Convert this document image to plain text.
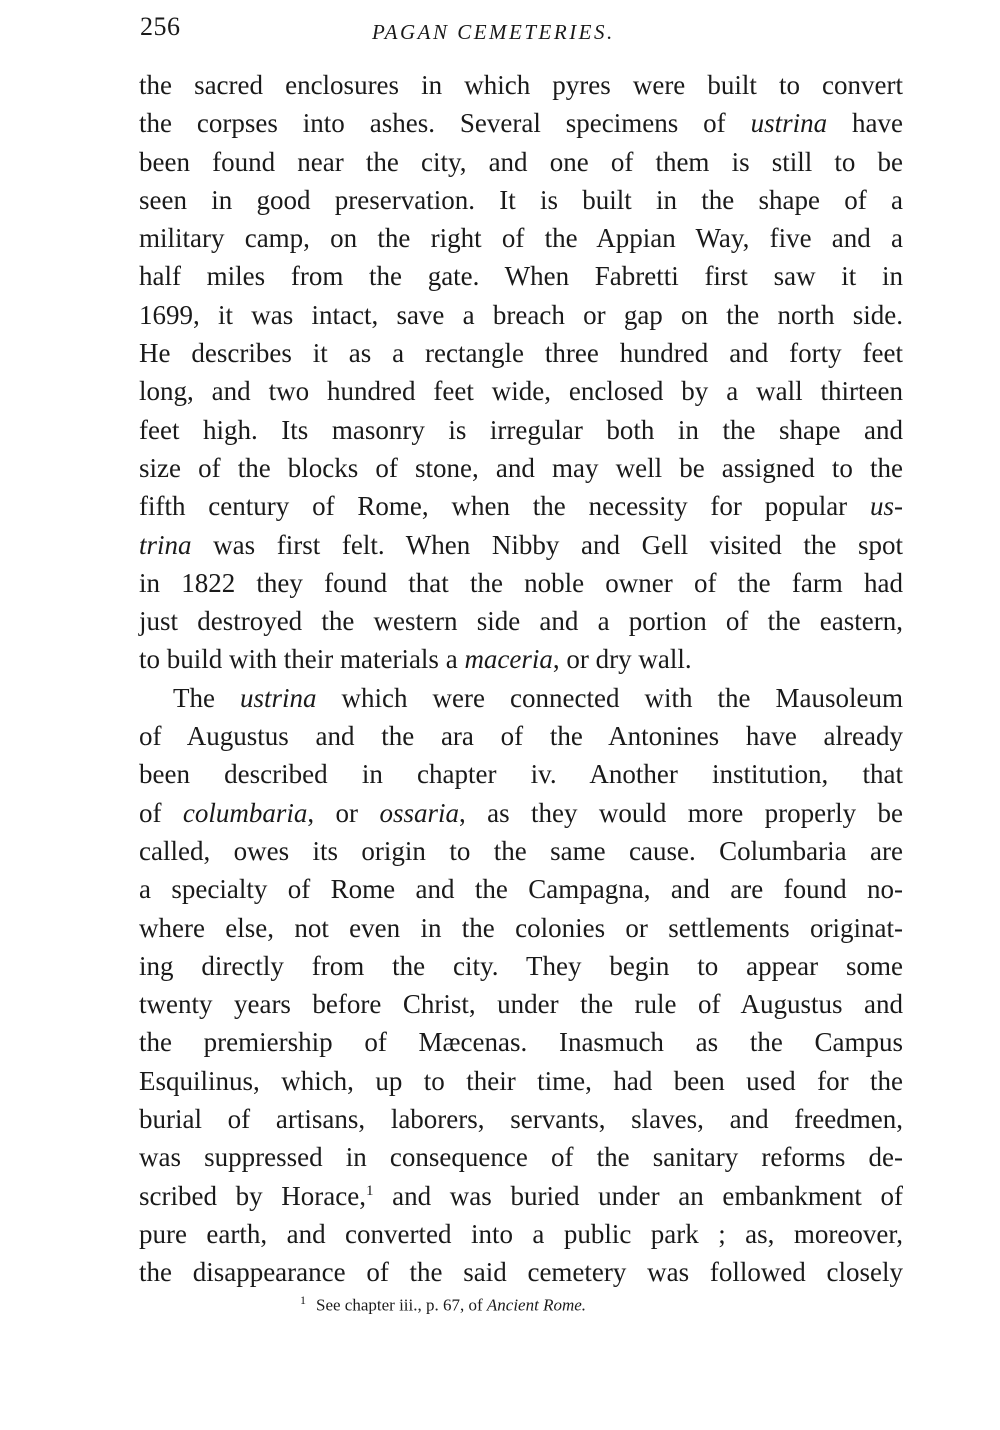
256	PAGAN CEMETERIES.
the sacred enclosures in which pyres were built to convert
the corpses into ashes. Several specimens of ustrina have
been found near the city, and one of them is still to be
seen in good preservation. It is built in the shape of a
military camp, on the right of the Appian Way, five and a
half miles from the gate. When Fabretti first saw it in
1699, it was intact, save a breach or gap on the north side.
He describes it as a rectangle three hundred and forty feet
long, and two hundred feet wide, enclosed by a wall thirteen
feet high. Its masonry is irregular both in the shape and
size of the blocks of stone, and may well be assigned to the
fifth century of Rome, when the necessity for popular us-
trina was first felt. When Nibby and Gell visited the spot
in 1822 they found that the noble owner of the farm had
just destroyed the western side and a portion of the eastern,
to build with their materials a maceria, or dry wall.
The ustrina which were connected with the Mausoleum
of Augustus and the ara of the Antonines have already
been described in chapter iv. Another institution, that
of columbaria, or ossaria, as they would more properly be
called, owes its origin to the same cause. Columbaria are
a specialty of Rome and the Campagna, and are found no-
where else, not even in the colonies or settlements originat-
ing directly from the city. They begin to appear some
twenty years before Christ, under the rule of Augustus and
the premiership of Mæcenas. Inasmuch as the Campus
Esquilinus, which, up to their time, had been used for the
burial of artisans, laborers, servants, slaves, and freedmen,
was suppressed in consequence of the sanitary reforms de-
scribed by Horace,$^1$ and was buried under an embankment of
pure earth, and converted into a public park ; as, moreover,
the disappearance of the said cemetery was followed closely
$^1$ See chapter iii., p. 67, of Ancient Rome.
